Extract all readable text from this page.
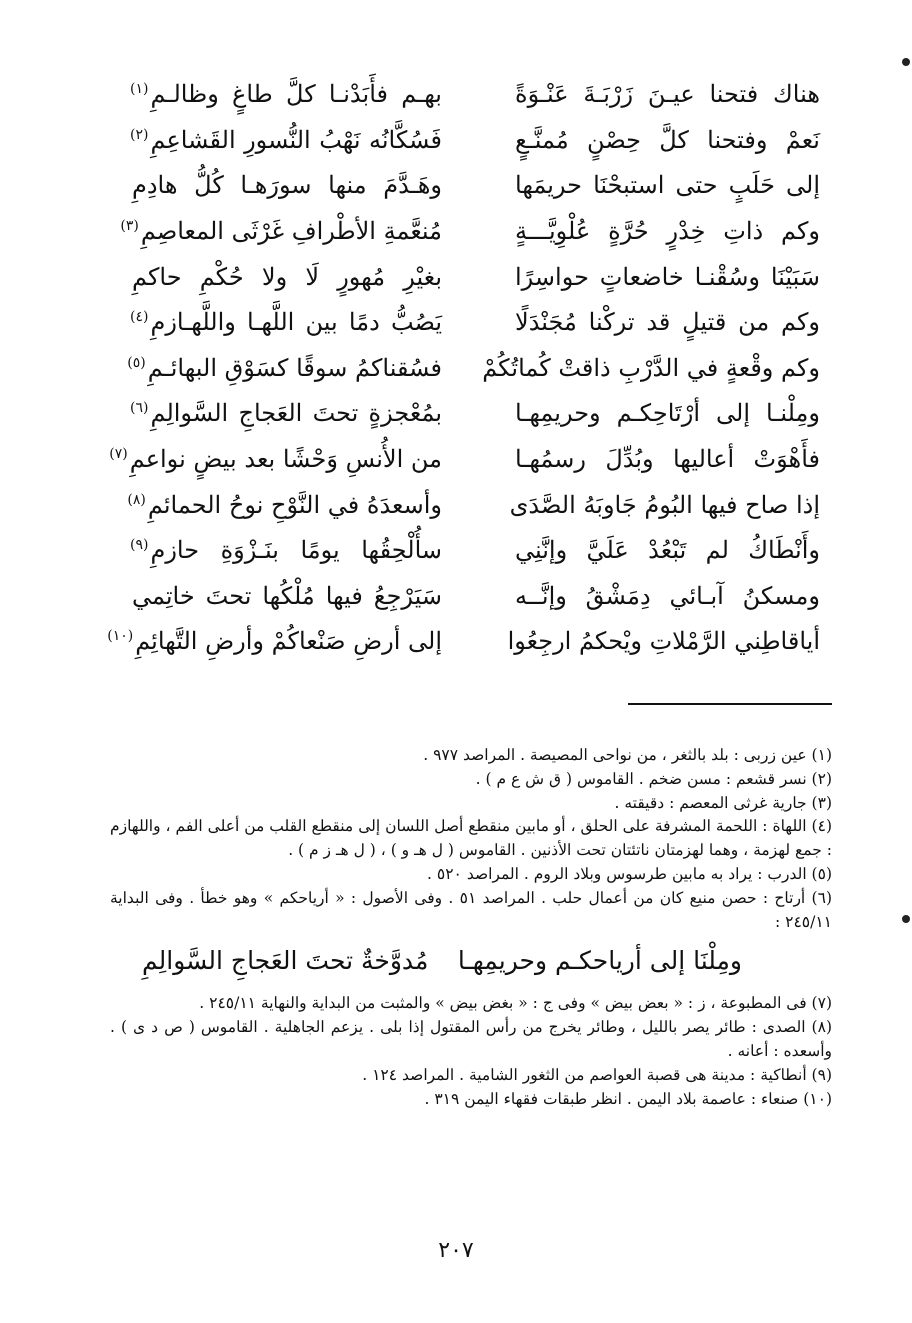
هناك فتحنا عيـنَ زَرْبَـةَ عَنْـوَةً
بهـم فأَبَدْنـا كلَّ طاغٍ وظالـمِ$^{(١)}$
نَعمْ وفتحنا كلَّ حِصْنٍ مُمنَّـعٍ
فَسُكَّانُه نَهْبُ النُّسورِ القَشاعِمِ$^{(٢)}$
إلى حَلَبٍ حتى استبحْنَا حريمَها
وهَـدَّمَ منها سورَهـا كُلُّ هادِمِ
وكم ذاتِ خِدْرٍ حُرَّةٍ عُلْوِيَّـــةٍ
مُنعَّمةِ الأطْرافِ غَرْثَى المعاصِمِ$^{(٣)}$
سَبَيْنَا وسُقْنـا خاضعاتٍ حواسِرًا
بغيْرِ مُهورٍ لَا ولا حُكْمِ حاكمِ
وكم من قتيلٍ قد تركْنا مُجَنْدَلًا
يَصُبُّ دمًا بين اللَّهـا واللَّهـازمِ$^{(٤)}$
وكم وقْعةٍ في الدَّرْبِ ذاقتْ كُماتُكُمْ
فسُقناكمُ سوقًا كسَوْقِ البهائـمِ$^{(٥)}$
ومِلْنـا إلى أرْتَاحِكـم وحريمِهـا
بمُعْجزةٍ تحتَ العَجاجِ السَّوالِمِ$^{(٦)}$
فأَهْوَتْ أعاليها وبُدِّلَ رسمُهـا
من الأُنسِ وَحْشًا بعد بيضٍ نواعمِ$^{(٧)}$
إذا صاح فيها البُومُ جَاوبَهُ الصَّدَى
وأسعدَهُ في النَّوْحِ نوحُ الحمائمِ$^{(٨)}$
وأَنْطَاكُ لم تَبْعُدْ عَلَيَّ وإنَّنِي
سأُلْحِقُها يومًا بنَـزْوَةِ حازمِ$^{(٩)}$
ومسكنُ آبـائي دِمَشْقُ وإنَّــه
سَيَرْجِعُ فيها مُلْكُها تحتَ خاتِمي
أياقاطِني الرَّمْلاتِ ويْحكمُ ارجِعُوا
إلى أرضِ صَنْعاكُمْ وأرضِ التَّهائِمِ$^{(١٠)}$

(١) عين زربى : بلد بالثغر ، من نواحى المصيصة . المراصد ٩٧٧ .

(٢) نسر قشعم : مسن ضخم . القاموس ( ق ش ع م ) .

(٣) جارية غرثى المعصم : دقيقته .

(٤) اللهاة : اللحمة المشرفة على الحلق ، أو مابين منقطع أصل اللسان إلى منقطع القلب من أعلى الفم ، واللهازم : جمع لهزمة ، وهما لهزمتان ناتئتان تحت الأذنين . القاموس ( ل هـ و ) ، ( ل هـ ز م ) .

(٥) الدرب : يراد به مابين طرسوس وبلاد الروم . المراصد ٥٢٠ .

(٦) أرتاح : حصن منيع كان من أعمال حلب . المراصد ٥١ . وفى الأصول : « أرياحكم » وهو خطأ . وفى البداية ٢٤٥/١١ :

ومِلْنَا إلى أرياحكـم وحريمِهـا
مُدوَّخةٌ تحتَ العَجاجِ السَّوالِمِ

(٧) فى المطبوعة ، ز : « بعض بيض » وفى ج : « بغض بيض » والمثبت من البداية والنهاية ٢٤٥/١١ .

(٨) الصدى : طائر يصر بالليل ، وطائر يخرج من رأس المقتول إذا بلى . يزعم الجاهلية . القاموس ( ص د ى ) . وأسعده : أعانه .

(٩) أنطاكية : مدينة هى قصبة العواصم من الثغور الشامية . المراصد ١٢٤ .

(١٠) صنعاء : عاصمة بلاد اليمن . انظر طبقات فقهاء اليمن ٣١٩ .

٢٠٧
